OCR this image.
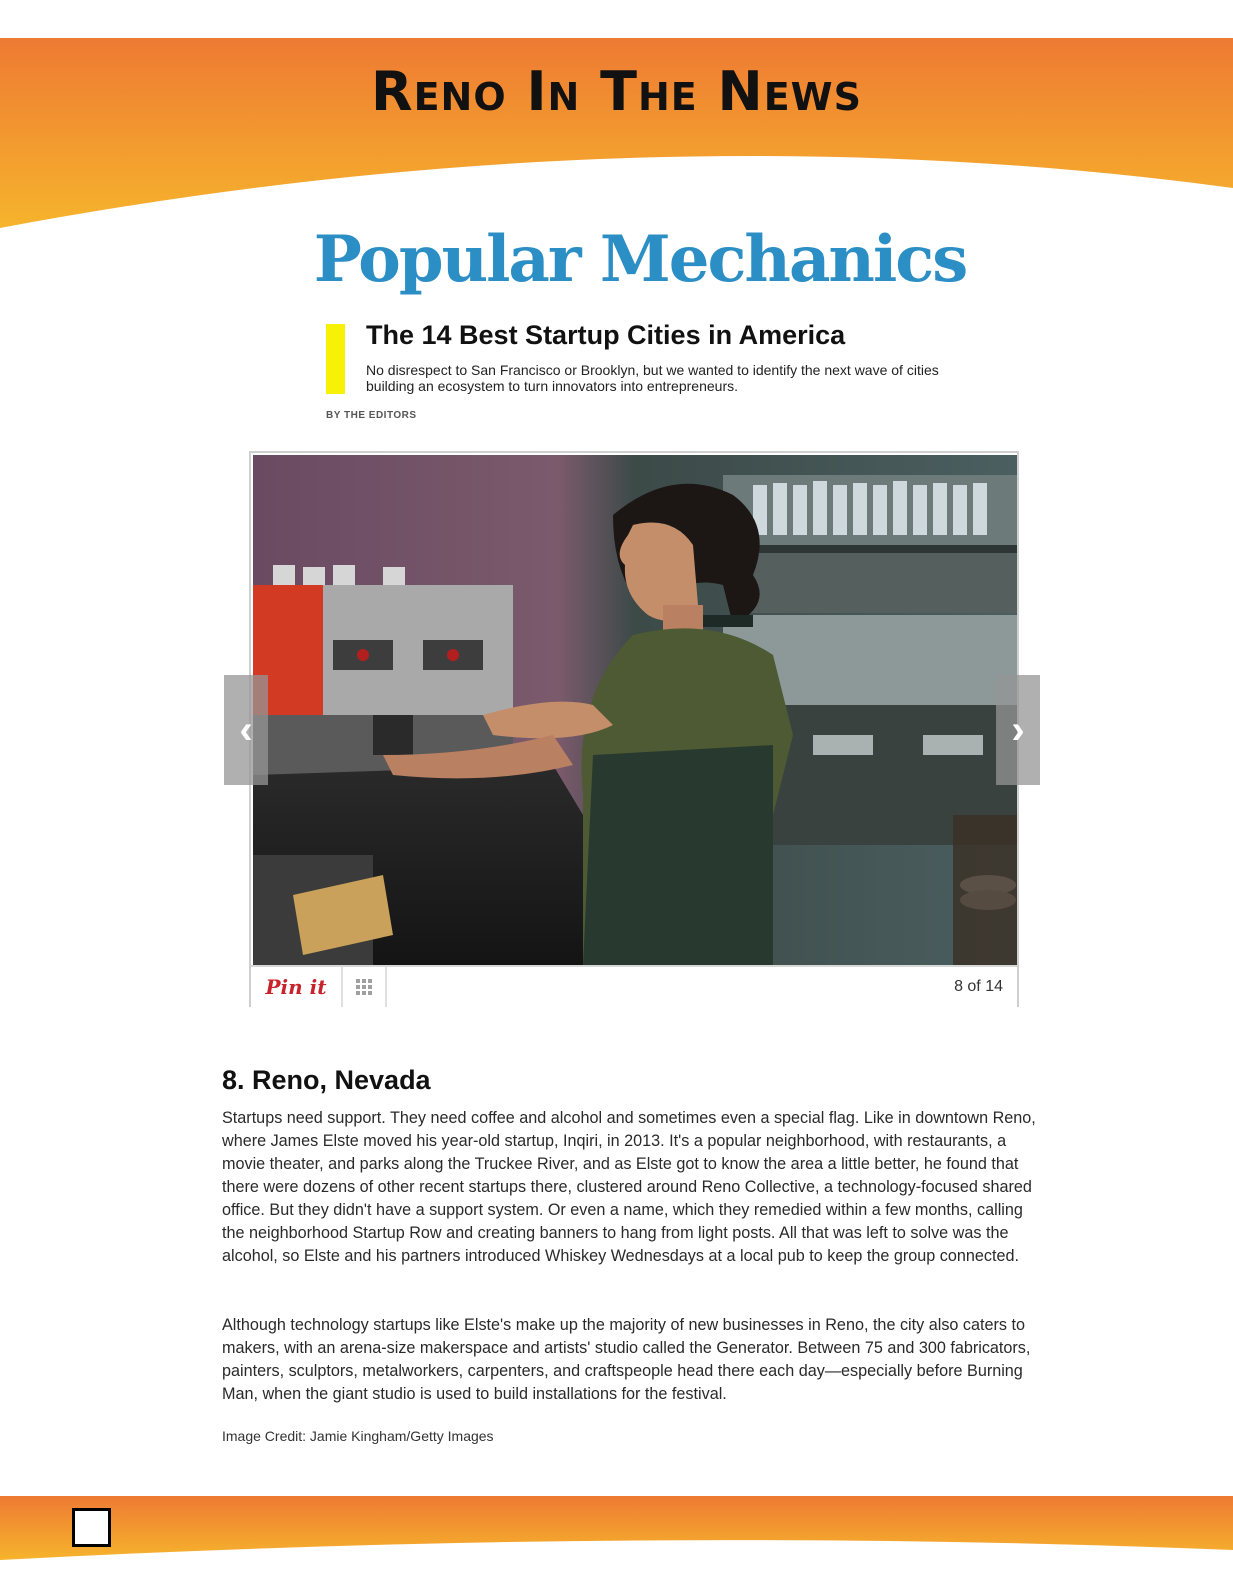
Reno In The News
Popular Mechanics
The 14 Best Startup Cities in America
No disrespect to San Francisco or Brooklyn, but we wanted to identify the next wave of cities building an ecosystem to turn innovators into entrepreneurs.
BY THE EDITORS
Pin it	8 of 14
‹	›
8. Reno, Nevada

Startups need support. They need coffee and alcohol and sometimes even a special flag. Like in downtown Reno, where James Elste moved his year-old startup, Inqiri, in 2013. It's a popular neighborhood, with restaurants, a movie theater, and parks along the Truckee River, and as Elste got to know the area a little better, he found that there were dozens of other recent startups there, clustered around Reno Collective, a technology-focused shared office. But they didn't have a support system. Or even a name, which they remedied within a few months, calling the neighborhood Startup Row and creating banners to hang from light posts. All that was left to solve was the alcohol, so Elste and his partners introduced Whiskey Wednesdays at a local pub to keep the group connected.

Although technology startups like Elste's make up the majority of new businesses in Reno, the city also caters to makers, with an arena-size makerspace and artists' studio called the Generator. Between 75 and 300 fabricators, painters, sculptors, metalworkers, carpenters, and craftspeople head there each day—especially before Burning Man, when the giant studio is used to build installations for the festival.

Image Credit: Jamie Kingham/Getty Images
